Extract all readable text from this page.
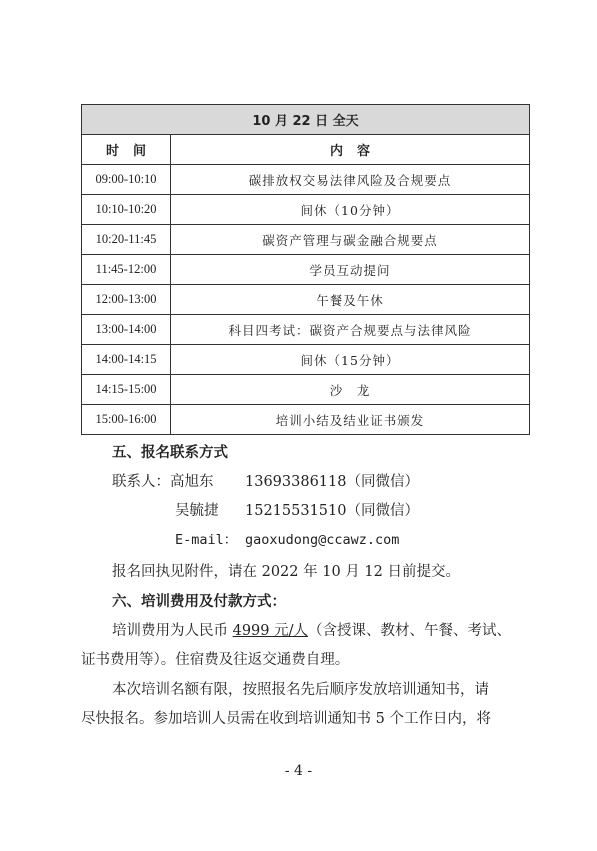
10 月 22 日 全天	
时间	内容
09:00-10:10	碳排放权交易法律风险及合规要点
10:10-10:20	间休（10分钟）
10:20-11:45	碳资产管理与碳金融合规要点
11:45-12:00	学员互动提问
12:00-13:00	午餐及午休
13:00-14:00	科目四考试：碳资产合规要点与法律风险
14:00-14:15	间休（15分钟）
14:15-15:00	沙　龙
15:00-16:00	培训小结及结业证书颁发
五、报名联系方式
联系人：高旭东 13693386118（同微信）
吴毓捷 15215531510（同微信）
E-mail： gaoxudong@ccawz.com
报名回执见附件，请在 2022 年 10 月 12 日前提交。
六、培训费用及付款方式：
培训费用为人民币 4999 元/人（含授课、教材、午餐、考试、
证书费用等）。住宿费及往返交通费自理。
本次培训名额有限，按照报名先后顺序发放培训通知书，请
尽快报名。参加培训人员需在收到培训通知书 5 个工作日内，将
- 4 -
